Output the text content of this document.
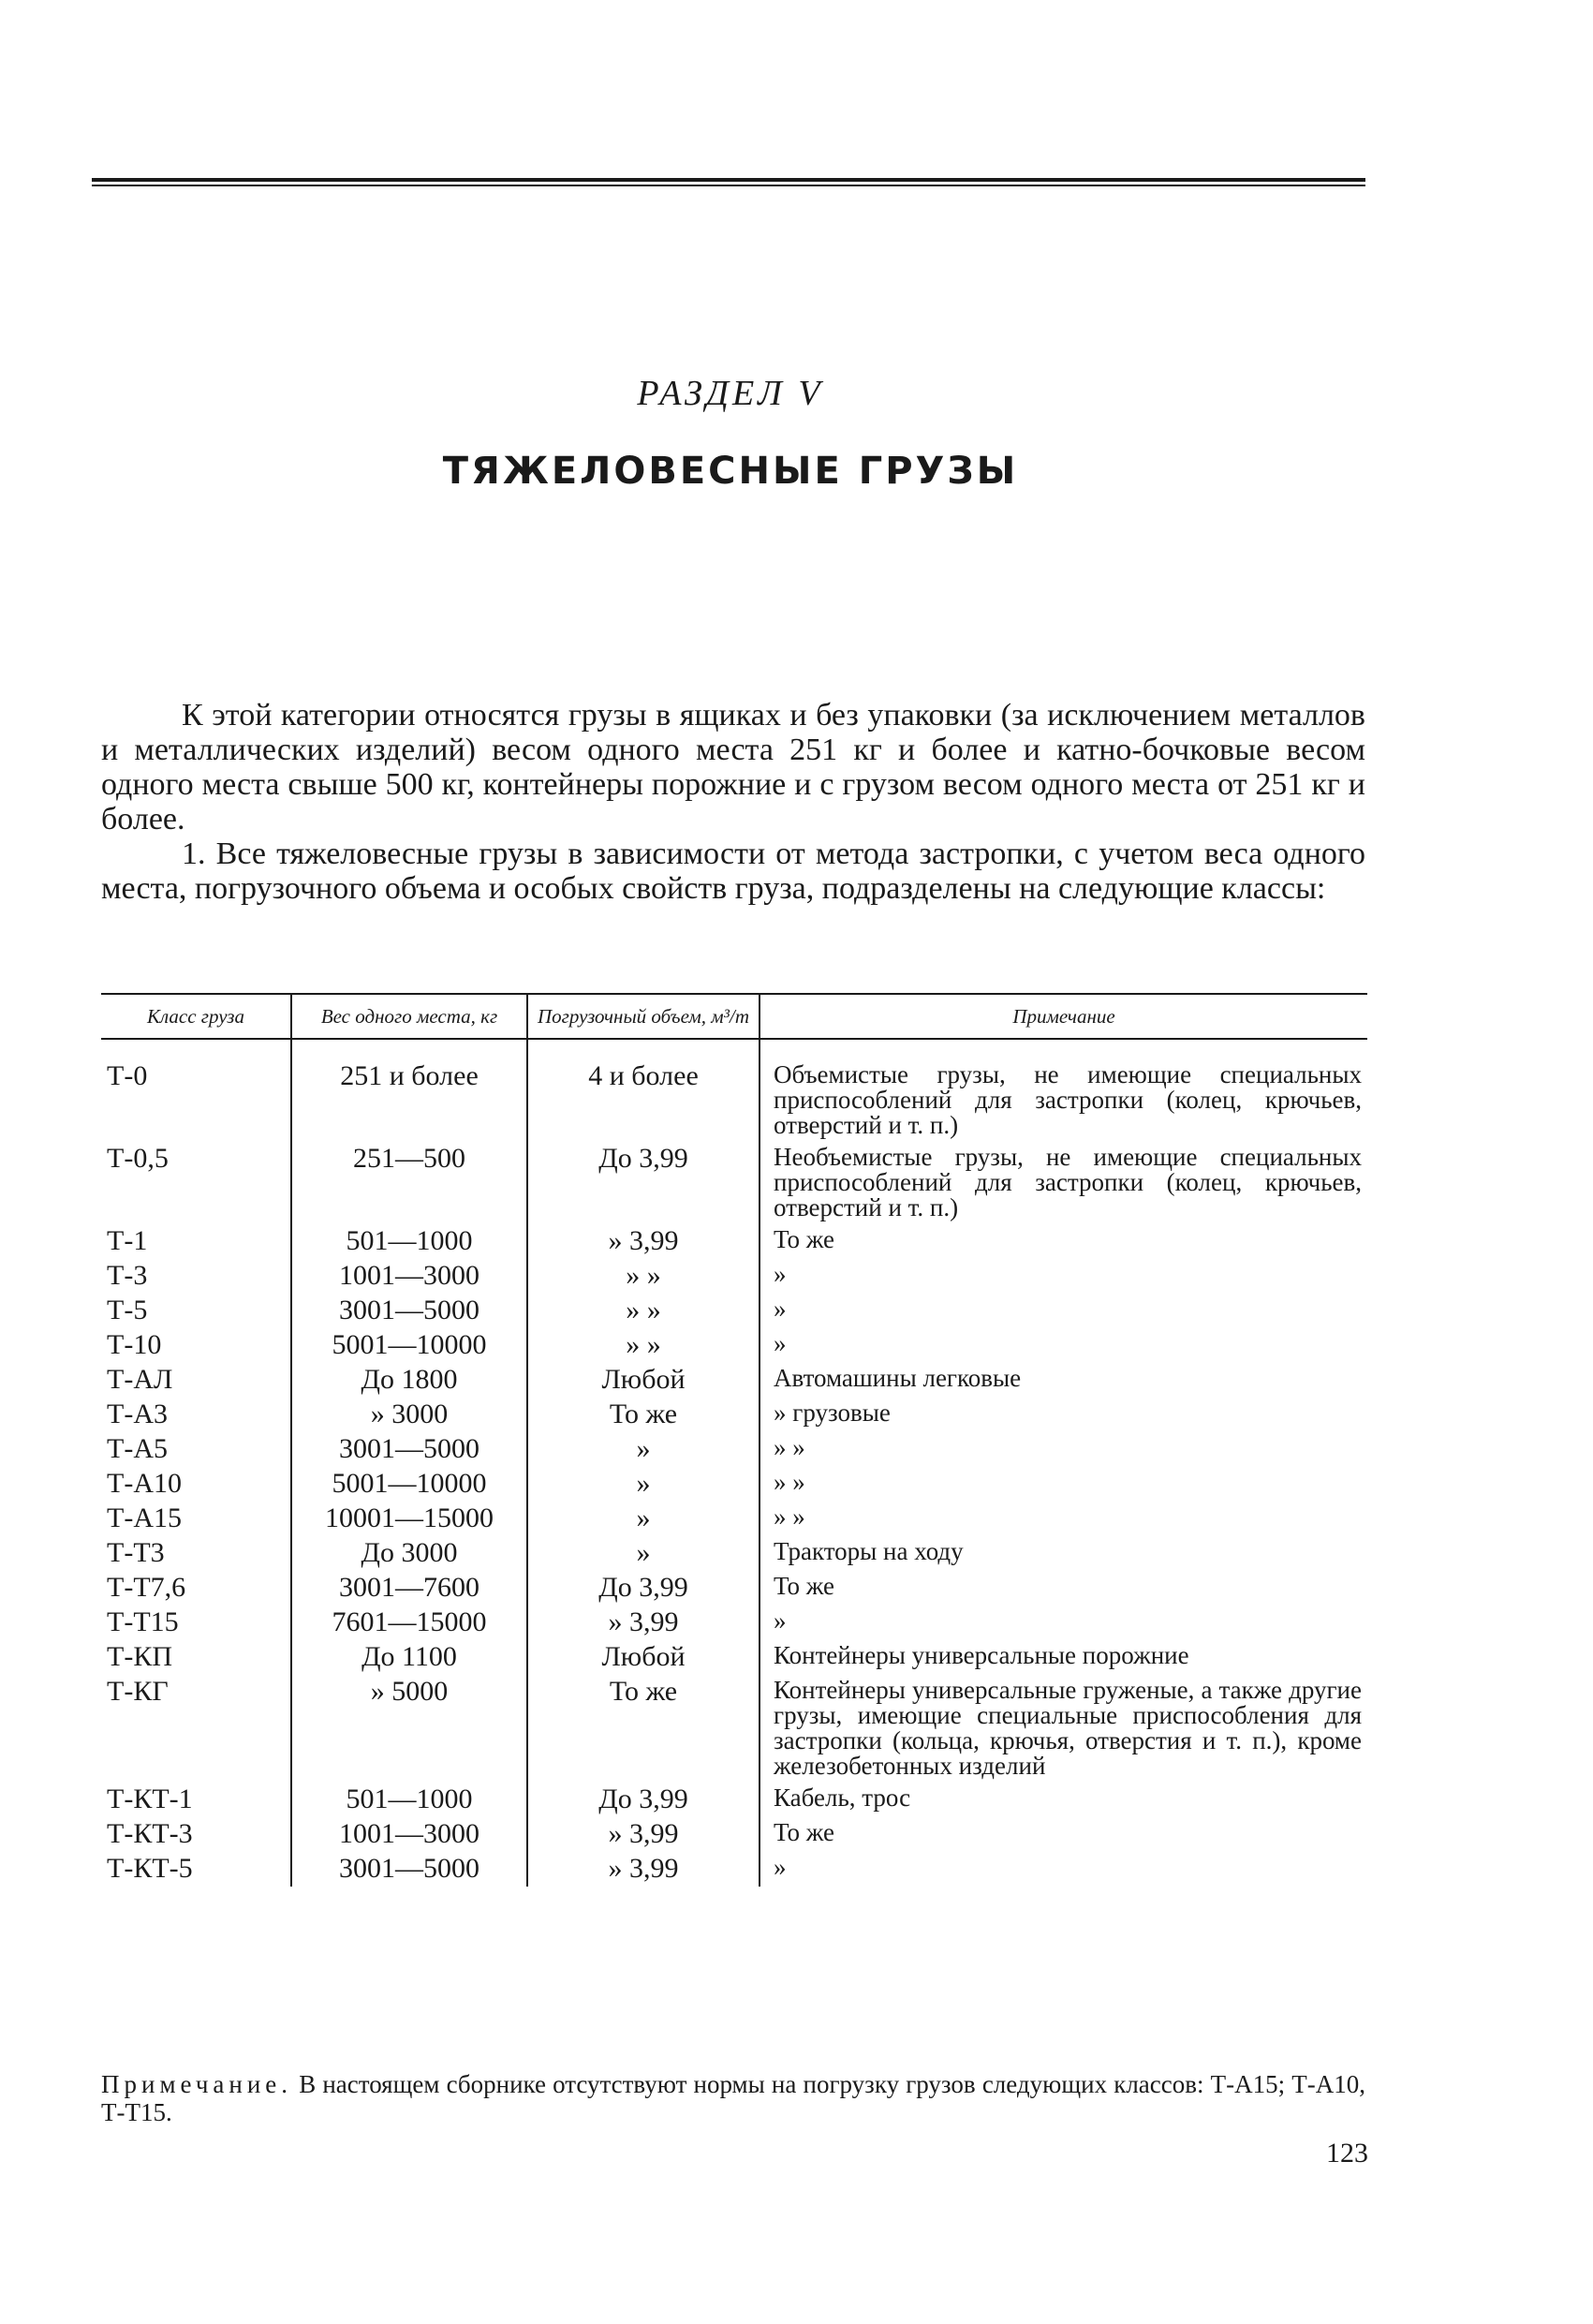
РАЗДЕЛ V
ТЯЖЕЛОВЕСНЫЕ ГРУЗЫ

К этой категории относятся грузы в ящиках и без упаковки (за исключением металлов и металлических изделий) весом одного места 251 кг и более и катно-бочковые весом одного места свыше 500 кг, контейнеры порожние и с грузом весом одного места от 251 кг и более.

1. Все тяжеловесные грузы в зависимости от метода застропки, с учетом веса одного места, погрузочного объема и особых свойств груза, подразделены на следующие классы:

Класс груза	Вес одного места, кг	Погрузочный объем, м³/т	Примечание
Т-0	251 и более	4 и более	Объемистые грузы, не имеющие специальных приспособлений для застропки (колец, крючьев, отверстий и т. п.)
Т-0,5	251—500	До 3,99	Необъемистые грузы, не имеющие специальных приспособлений для застропки (колец, крючьев, отверстий и т. п.)
Т-1	501—1000	» 3,99	То же
Т-3	1001—3000	» »	»
Т-5	3001—5000	» »	»
Т-10	5001—10000	» »	»
Т-АЛ	До 1800	Любой	Автомашины легковые
Т-А3	» 3000	То же	» грузовые
Т-А5	3001—5000	»	» »
Т-А10	5001—10000	»	» »
Т-А15	10001—15000	»	» »
Т-Т3	До 3000	»	Тракторы на ходу
Т-Т7,6	3001—7600	До 3,99	То же
Т-Т15	7601—15000	» 3,99	»
Т-КП	До 1100	Любой	Контейнеры универсальные порожние
Т-КГ	» 5000	То же	Контейнеры универсальные груженые, а также другие грузы, имеющие специальные приспособления для застропки (кольца, крючья, отверстия и т. п.), кроме железобетонных изделий
Т-КТ-1	501—1000	До 3,99	Кабель, трос
Т-КТ-3	1001—3000	» 3,99	То же
Т-КТ-5	3001—5000	» 3,99	»
Примечание. В настоящем сборнике отсутствуют нормы на погрузку грузов следующих классов: Т-А15; Т-А10, Т-Т15.
123
